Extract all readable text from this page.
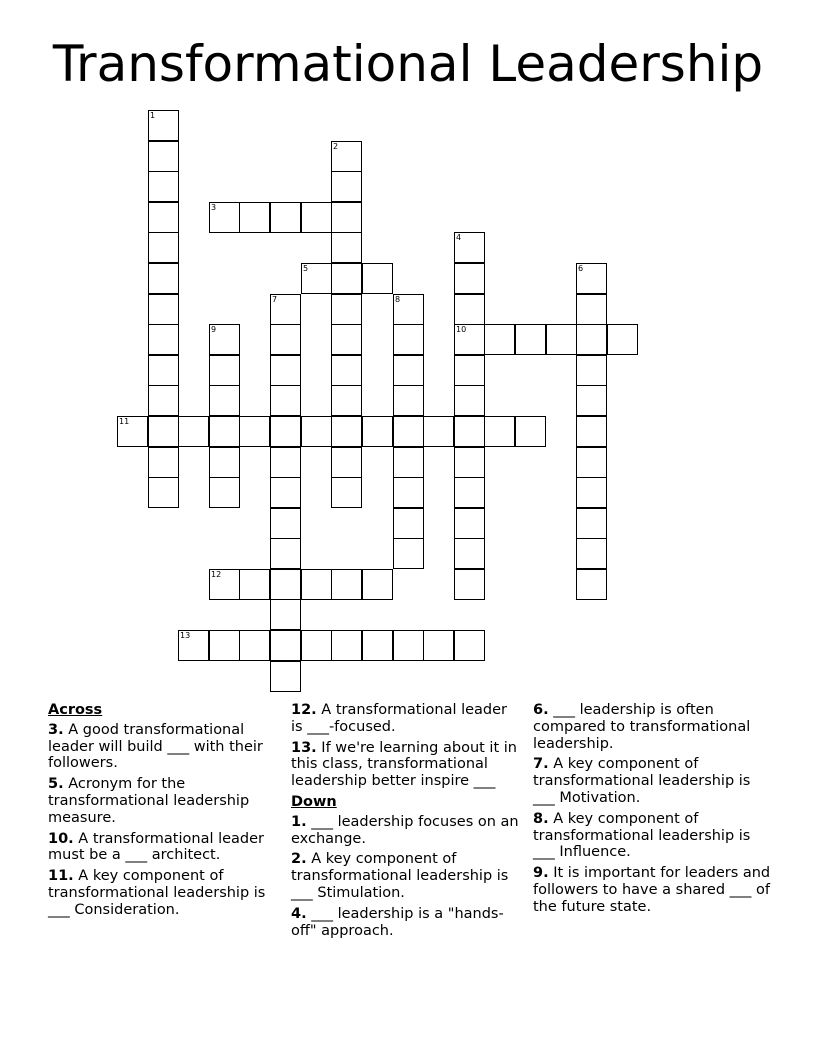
Transformational Leadership
1
2
3
4
10
5	6
7	8
9
11
12
13

Across

3. A good transformational leader will build ___ with their followers.

5. Acronym for the transformational leadership measure.

10. A transformational leader must be a ___ architect.

11. A key component of transformational leadership is ___ Consideration.

12. A transformational leader is ___-focused.

13. If we're learning about it in this class, transformational leadership better inspire ___

Down

1. ___ leadership focuses on an exchange.

2. A key component of transformational leadership is ___ Stimulation.

4. ___ leadership is a "hands-off" approach.

6. ___ leadership is often compared to transformational leadership.

7. A key component of transformational leadership is ___ Motivation.

8. A key component of transformational leadership is ___ Influence.

9. It is important for leaders and followers to have a shared ___ of the future state.
